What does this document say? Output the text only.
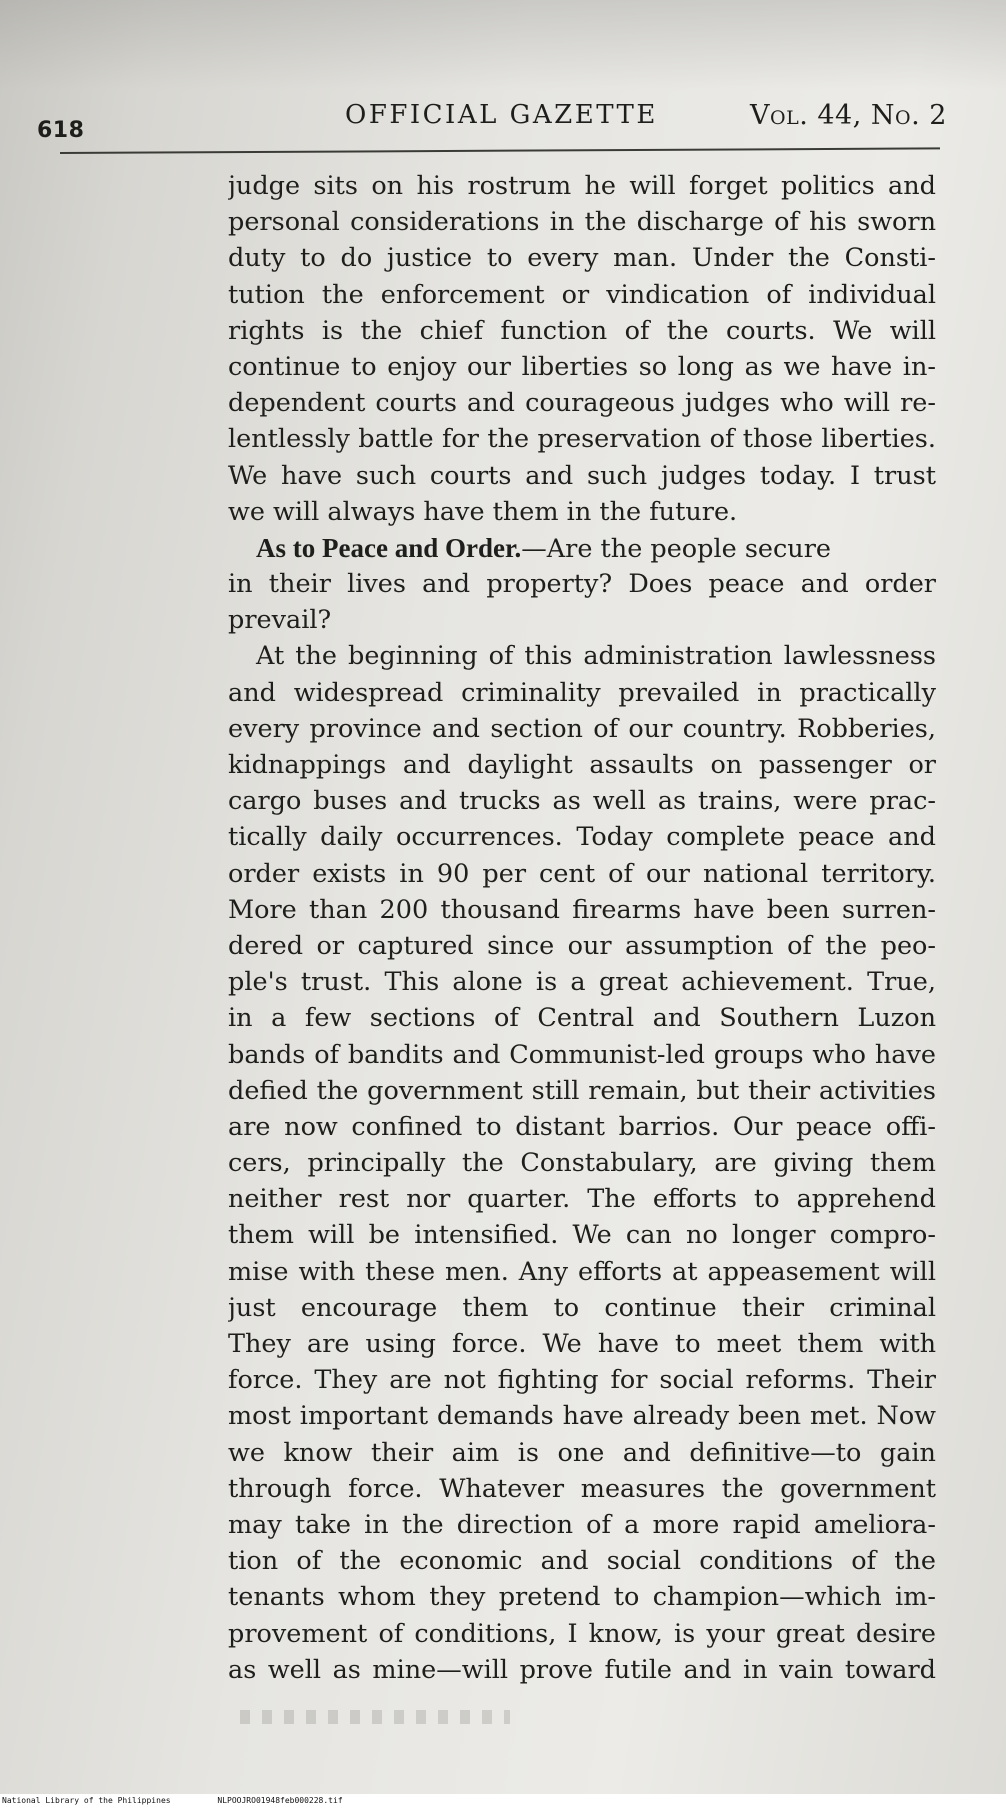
618
OFFICIAL GAZETTE	Vol. 44, No. 2
judge sits on his rostrum he will forget politics and
personal considerations in the discharge of his sworn
duty to do justice to every man. Under the Consti-
tution the enforcement or vindication of individual
rights is the chief function of the courts. We will
continue to enjoy our liberties so long as we have in-
dependent courts and courageous judges who will re-
lentlessly battle for the preservation of those liberties.
We have such courts and such judges today. I trust
we will always have them in the future.
As to Peace and Order.—Are the people secure
in their lives and property? Does peace and order
prevail?
At the beginning of this administration lawlessness
and widespread criminality prevailed in practically
every province and section of our country. Robberies,
kidnappings and daylight assaults on passenger or
cargo buses and trucks as well as trains, were prac-
tically daily occurrences. Today complete peace and
order exists in 90 per cent of our national territory.
More than 200 thousand firearms have been surren-
dered or captured since our assumption of the peo-
ple's trust. This alone is a great achievement. True,
in a few sections of Central and Southern Luzon
bands of bandits and Communist-led groups who have
defied the government still remain, but their activities
are now confined to distant barrios. Our peace offi-
cers, principally the Constabulary, are giving them
neither rest nor quarter. The efforts to apprehend
them will be intensified. We can no longer compro-
mise with these men. Any efforts at appeasement will
just encourage them to continue their criminal
They are using force. We have to meet them with
force. They are not fighting for social reforms. Their
most important demands have already been met. Now
we know their aim is one and definitive—to gain
through force. Whatever measures the government
may take in the direction of a more rapid ameliora-
tion of the economic and social conditions of the
tenants whom they pretend to champion—which im-
provement of conditions, I know, is your great desire
as well as mine—will prove futile and in vain toward
National Library of the Philippines	NLPOOJRO01948feb000228.tif
